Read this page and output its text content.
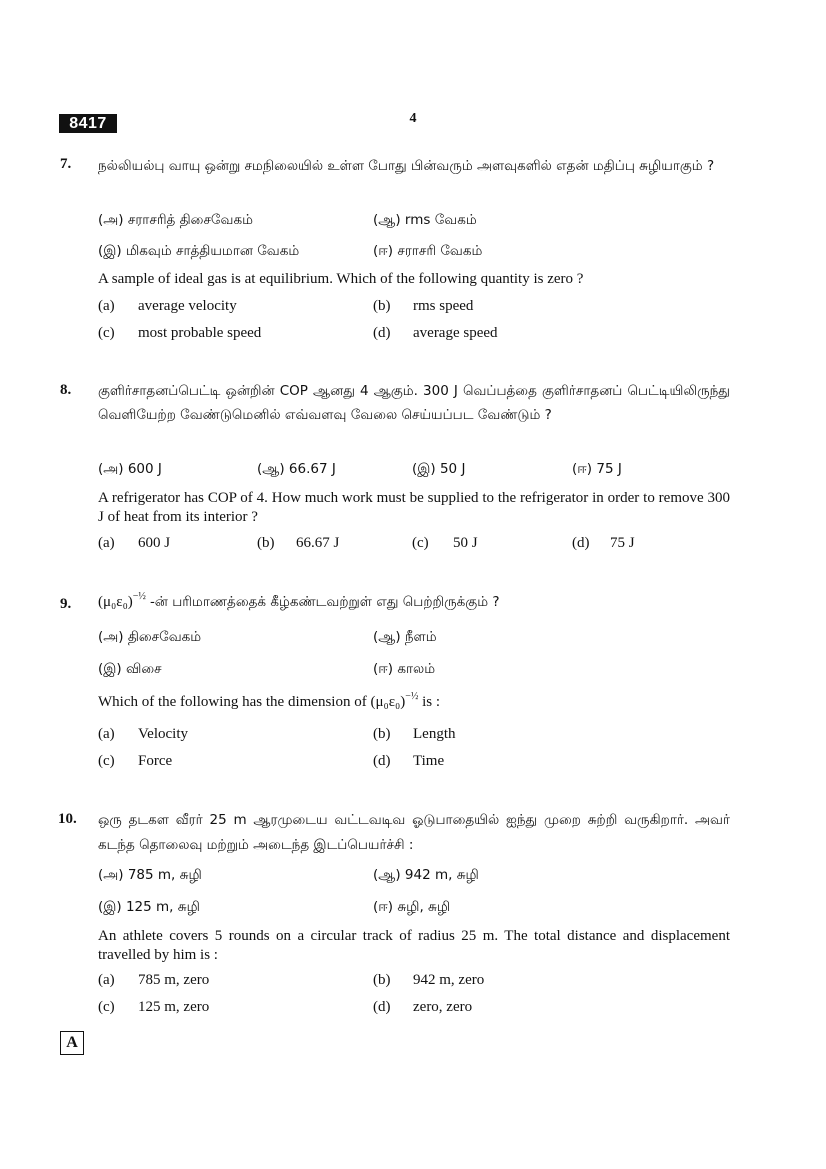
8417	4
7. நல்லியல்பு வாயு ஒன்று சமநிலையில் உள்ள போது பின்வரும் அளவுகளில் எதன் மதிப்பு சுழியாகும் ?
(அ) சராசரித் திசைவேகம்	(ஆ) rms வேகம்
(இ) மிகவும் சாத்தியமான வேகம்	(ஈ) சராசரி வேகம்
A sample of ideal gas is at equilibrium. Which of the following quantity is zero ?
(a) average velocity	(b) rms speed
(c) most probable speed	(d) average speed
8. குளிர்சாதனப்பெட்டி ஒன்றின் COP ஆனது 4 ஆகும். 300 J வெப்பத்தை குளிர்சாதனப் பெட்டியிலிருந்து வெளியேற்ற வேண்டுமெனில் எவ்வளவு வேலை செய்யப்பட வேண்டும் ?
(அ) 600 J	(ஆ) 66.67 J	(இ) 50 J	(ஈ) 75 J
A refrigerator has COP of 4. How much work must be supplied to the refrigerator in order to remove 300 J of heat from its interior ?
(a) 600 J	(b) 66.67 J	(c) 50 J	(d) 75 J
9. $(\mu_0\varepsilon_0)^{-\frac{1}{2}}$ -ன் பரிமாணத்தைக் கீழ்கண்டவற்றுள் எது பெற்றிருக்கும் ?
(அ) திசைவேகம்	(ஆ) நீளம்
(இ) விசை	(ஈ) காலம்
Which of the following has the dimension of $(\mu_0\varepsilon_0)^{-\frac{1}{2}}$ is :
(a) Velocity	(b) Length
(c) Force	(d) Time
10. ஒரு தடகள வீரர் 25 m ஆரமுடைய வட்டவடிவ ஓடுபாதையில் ஐந்து முறை சுற்றி வருகிறார். அவர் கடந்த தொலைவு மற்றும் அடைந்த இடப்பெயர்ச்சி :
(அ) 785 m, சுழி	(ஆ) 942 m, சுழி
(இ) 125 m, சுழி	(ஈ) சுழி, சுழி
An athlete covers 5 rounds on a circular track of radius 25 m. The total distance and displacement travelled by him is :
(a) 785 m, zero	(b) 942 m, zero
(c) 125 m, zero	(d) zero, zero
A
